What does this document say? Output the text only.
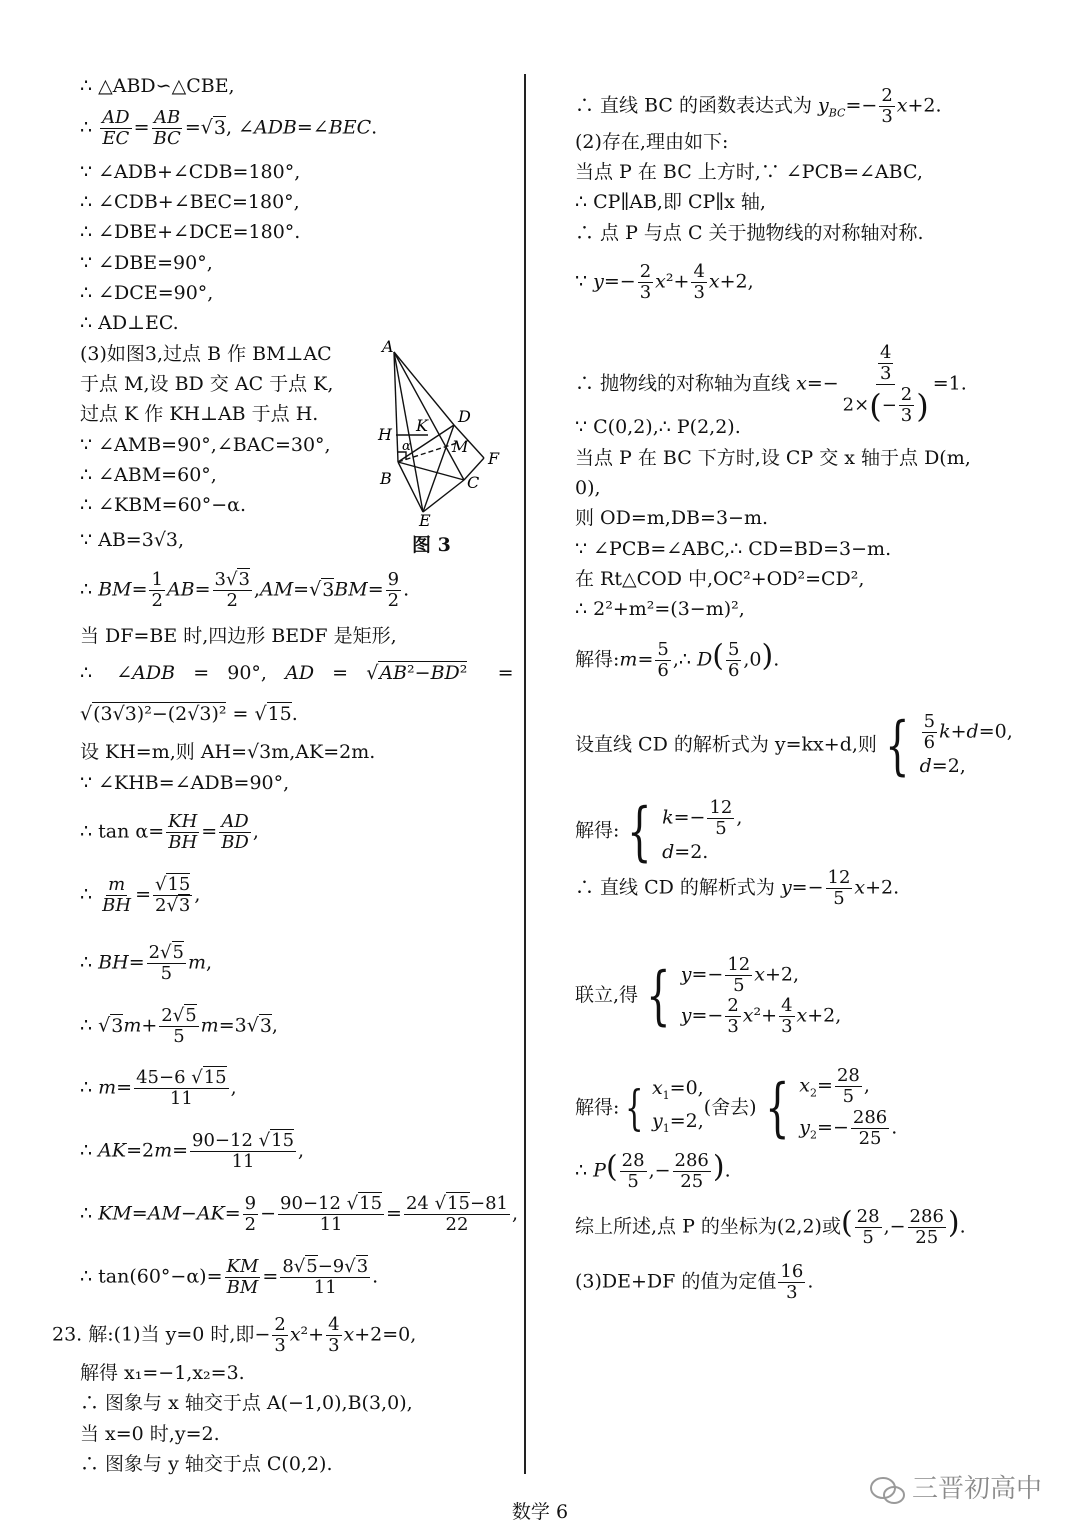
∴ △ABD∽△CBE,
∴ $\frac{AD}{EC} = \frac{AB}{BC} =√3$, ∠ADB=∠BEC.
∵ ∠ADB+∠CDB=180°,
∴ ∠CDB+∠BEC=180°,
∴ ∠DBE+∠DCE=180°.
∵ ∠DBE=90°,
∴ ∠DCE=90°,
∴ AD⊥EC.
(3)如图3,过点 B 作 BM⊥AC
于点 M,设 BD 交 AC 于点 K,
过点 K 作 KH⊥AB 于点 H.
∵ ∠AMB=90°,∠BAC=30°,
∴ ∠ABM=60°,
∴ ∠KBM=60°−α.
∵ AB=3√3,
A
H
α
K D
M
F
B	C
E
图 3
∴ $BM= \frac{1}{2} AB= \frac{3√3}{2} ,AM=√3BM= \frac{9}{2}$ .
当 DF=BE 时,四边形 BEDF 是矩形,
∴    ∠ADB   =   90°,   AD   =   √AB²−BD²     =
√(3√3)²−(2√3)² = √15.
设 KH=m,则 AH=√3m,AK=2m.
∵ ∠KHB=∠ADB=90°,
∴ $\tan \alpha= \frac{KH}{BH} = \frac{AD}{BD}$ ,
∴ $\frac{m}{BH} = \frac{√15}{2√3}$ ,
∴ $BH= \frac{2√5}{5} m$,
∴ $√3m+ \frac{2√5}{5} m=3√3$,
∴ $m= \frac{45-6 √15}{11}$ ,
∴ $AK=2m= \frac{90-12 √15}{11}$ ,
∴ $KM=AM-AK= \frac{9}{2} - \frac{90-12 √15}{11} = \frac{24 √15-81}{22}$ ,
∴ $\tan(60^\circ-\alpha)= \frac{KM}{BM} = \frac{8√5-9√3}{11}$ .
23. 解:(1)当 y=0 时,即− $\frac{2}{3} x^2+ \frac{4}{3} x+2=0$,
解得 x₁=−1,x₂=3.
∴ 图象与 x 轴交于点 A(−1,0),B(3,0),
当 x=0 时,y=2.
∴ 图象与 y 轴交于点 C(0,2).
∴ 直线 BC 的函数表达式为 $y_{BC}=- \frac{2}{3} x+2$.
(2)存在,理由如下:
当点 P 在 BC 上方时,∵ ∠PCB=∠ABC,
∴ CP∥AB,即 CP∥x 轴,
∴ 点 P 与点 C 关于抛物线的对称轴对称.
∵ $y=- \frac{2}{3} x^2+ \frac{4}{3} x+2$,
∴ 抛物线的对称轴为直线 $x=- \frac{4}{3}$
2× ( − 2
3 ) =1.
∵ C(0,2),∴ P(2,2).
当点 P 在 BC 下方时,设 CP 交 x 轴于点 D(m,
0),
则 OD=m,DB=3−m.
∵ ∠PCB=∠ABC,∴ CD=BD=3−m.
在 Rt△COD 中,OC²+OD²=CD²,
∴ 2²+m²=(3−m)²,
解得:m= $\frac{5}{6}$ ,∴ $D( \frac{5}{6} ,0)$.
设直线 CD 的解析式为 y=kx+d,则 { $\frac{5}{6} k+d=0$,
d=2,
解得: { $k=- \frac{12}{5}$ ,
d=2.
∴ 直线 CD 的解析式为 $y=- \frac{12}{5} x+2$.
联立,得 { $y=- \frac{12}{5} x+2$,
$y=- \frac{2}{3} x^2+ \frac{4}{3} x+2$,
解得: { $x_1=0$,
$y_1=2$,
(舍去) { $x_2= \frac{28}{5}$ ,
$y_2=- \frac{286}{25}$ .
∴ $P( \frac{28}{5}$ ,− $\frac{286}{25}$ ).
综上所述,点 P 的坐标为(2,2)或( $\frac{28}{5}$ ,− $\frac{286}{25}$ ).
(3)DE+DF 的值为定值 $\frac{16}{3}$ .
数学 6
三晋初高中
